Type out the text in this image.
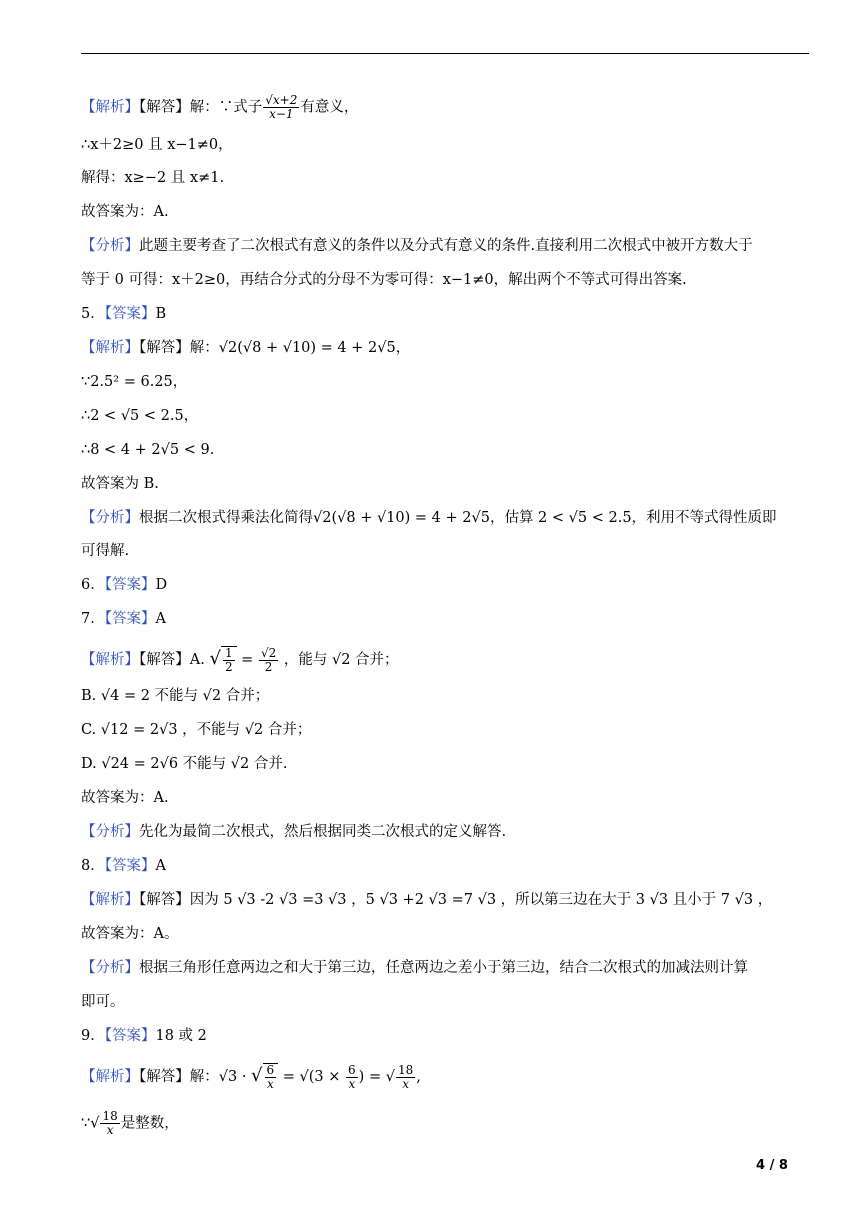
【解析】【解答】解：∵式子 $\frac{√x+2}{x-1}$ 有意义，
∴x＋2≥0 且 x−1≠0，
解得：x≥−2 且 x≠1.
故答案为：A.
【分析】此题主要考查了二次根式有意义的条件以及分式有意义的条件.直接利用二次根式中被开方数大于
等于 0 可得：x＋2≥0，再结合分式的分母不为零可得：x−1≠0，解出两个不等式可得出答案.
5．【答案】B
【解析】【解答】解：√2(√8 + √10) = 4 + 2√5，
∵2.5² = 6.25，
∴2 < √5 < 2.5，
∴8 < 4 + 2√5 < 9.
故答案为 B.
【分析】根据二次根式得乘法化简得√2(√8 + √10) = 4 + 2√5，估算 2 < √5 < 2.5，利用不等式得性质即
可得解.
6．【答案】D
7．【答案】A
【解析】【解答】A. √ $\frac{1}{2} = \frac{√2}{2}$ ，能与 √2 合并；
B. √4 = 2 不能与 √2 合并；
C. √12 = 2√3 ，不能与 √2 合并；
D. √24 = 2√6 不能与 √2 合并.
故答案为：A.
【分析】先化为最简二次根式，然后根据同类二次根式的定义解答.
8．【答案】A
【解析】【解答】因为 5 √3 -2 √3 =3 √3 ，5 √3 +2 √3 =7 √3 ，所以第三边在大于 3 √3 且小于 7 √3 ，
故答案为：A。
【分析】根据三角形任意两边之和大于第三边，任意两边之差小于第三边，结合二次根式的加减法则计算
即可。
9．【答案】18 或 2
【解析】【解答】解：√3 · √ $\frac{6}{x} = √(3 \times \frac{6}{x}$ ) = √ $\frac{18}{x}$ ,
∵√ $\frac{18}{x}$ 是整数，
4 / 8
